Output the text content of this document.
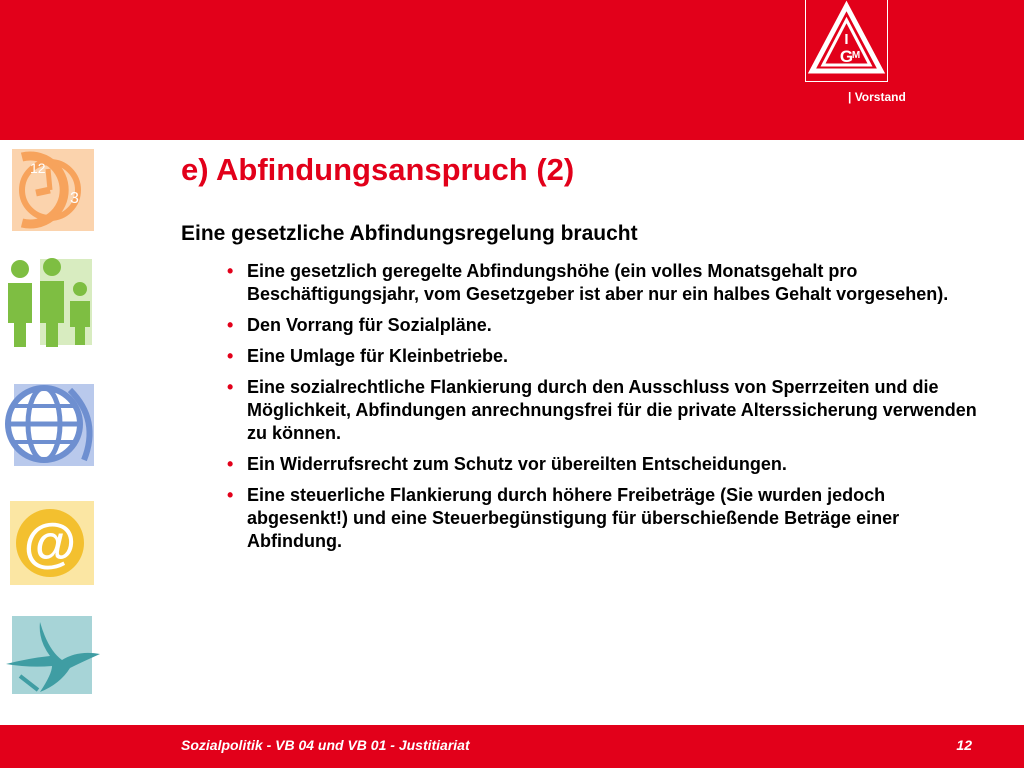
I
G
M
| Vorstand
12
3
@
e) Abfindungsanspruch (2)
Eine gesetzliche Abfindungsregelung braucht
• Eine gesetzlich geregelte Abfindungshöhe (ein volles Monatsgehalt pro Beschäftigungsjahr, vom Gesetzgeber ist aber nur ein halbes Gehalt vorgesehen).
• Den Vorrang für Sozialpläne.
• Eine Umlage für Kleinbetriebe.
• Eine sozialrechtliche Flankierung durch den Ausschluss von Sperrzeiten und die Möglichkeit, Abfindungen anrechnungsfrei für die private Alterssicherung verwenden zu können.
• Ein Widerrufsrecht zum Schutz vor übereilten Entscheidungen.
• Eine steuerliche Flankierung durch höhere Freibeträge (Sie wurden jedoch abgesenkt!) und eine Steuerbegünstigung für überschießende Beträge einer Abfindung.
Sozialpolitik - VB 04 und VB 01 - Justitiariat	12
